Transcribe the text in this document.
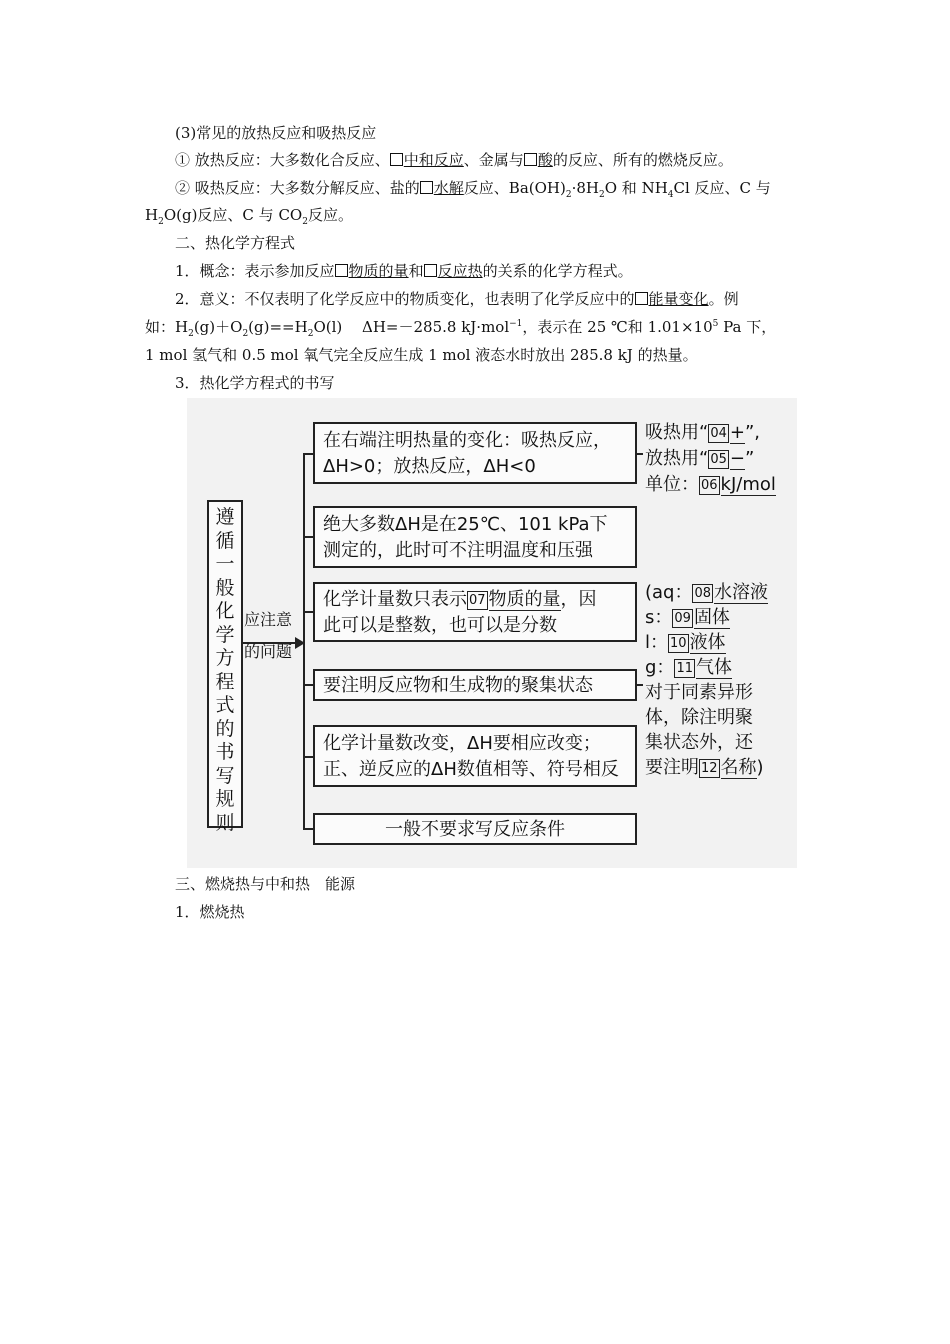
(3)常见的放热反应和吸热反应
① 放热反应：大多数化合反应、 中和反应、金属与 酸的反应、所有的燃烧反应。
② 吸热反应：大多数分解反应、盐的 水解反应、$Ba(OH)_2\cdot 8H_2O$ 和 $NH_4Cl$ 反应、C 与
$H_2O(g)$反应、C 与 $CO_2$反应。
二、热化学方程式
1．概念：表示参加反应 物质的量和 反应热的关系的化学方程式。
2．意义：不仅表明了化学反应中的物质变化，也表明了化学反应中的 能量变化。例
如：$H_2(g)+O_2(g)==H_2O(l)$　 ΔH=－285.8 kJ·mol$^{-1}$，表示在 25 ℃和 $1.01\times 10^5$ Pa 下，
1 mol 氢气和 0.5 mol 氧气完全反应生成 1 mol 液态水时放出 285.8 kJ 的热量。
3．热化学方程式的书写
遵
循
一
般
化
学
方
程
式
的
书
写
规
则
应注意
的问题
在右端注明热量的变化：吸热反应，
ΔH>0；放热反应，ΔH<0
绝大多数ΔH是在25℃、101 kPa下
测定的，此时可不注明温度和压强
化学计量数只表示 07 物质的量，因
此可以是整数，也可以是分数
要注明反应物和生成物的聚集状态
化学计量数改变，ΔH要相应改变；
正、逆反应的ΔH数值相等、符号相反
一般不要求写反应条件
吸热用“ 04 +”,
放热用“ 05 −”
单位： 06 kJ/mol
(aq： 08 水溶液
s： 09 固体
l： 10 液体
g： 11 气体
对于同素异形
体，除注明聚
集状态外，还
要注明 12 名称)
三、燃烧热与中和热　能源
1．燃烧热
